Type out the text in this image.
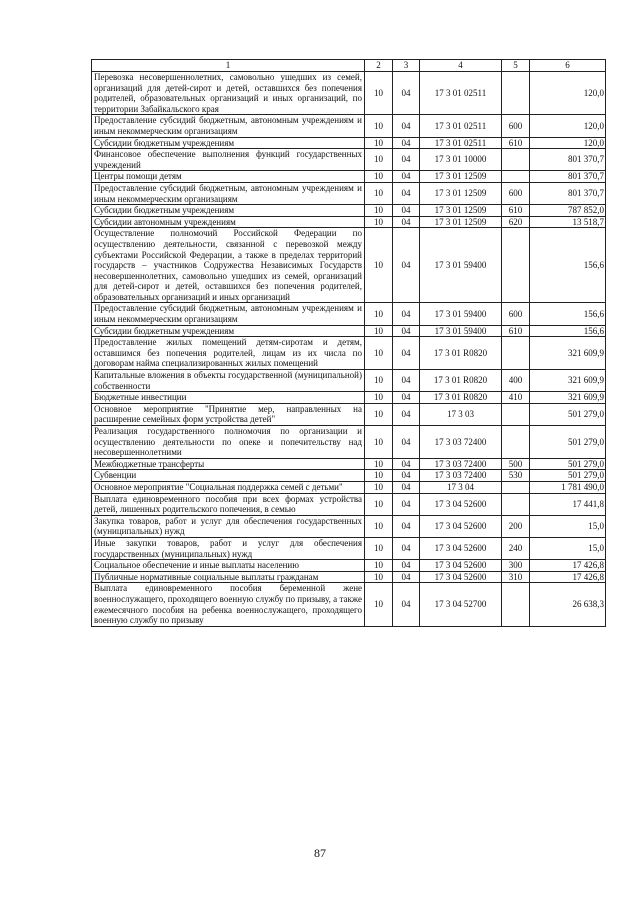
1	2	3	4	5	6
Перевозка несовершеннолетних, самовольно ушедших из семей, организаций для детей-сирот и детей, оставшихся без попечения родителей, образовательных организаций и иных организаций, по территории Забайкальского края	10	04	17 3 01 02511		120,0
Предоставление субсидий бюджетным, автономным учреждениям и иным некоммерческим организациям	10	04	17 3 01 02511	600	120,0
Субсидии бюджетным учреждениям	10	04	17 3 01 02511	610	120,0
Финансовое обеспечение выполнения функций государственных учреждений	10	04	17 3 01 10000		801 370,7
Центры помощи детям	10	04	17 3 01 12509		801 370,7
Предоставление субсидий бюджетным, автономным учреждениям и иным некоммерческим организациям	10	04	17 3 01 12509	600	801 370,7
Субсидии бюджетным учреждениям	10	04	17 3 01 12509	610	787 852,0
Субсидии автономным учреждениям	10	04	17 3 01 12509	620	13 518,7
Осуществление полномочий Российской Федерации по осуществлению деятельности, связанной с перевозкой между субъектами Российской Федерации, а также в пределах территорий государств – участников Содружества Независимых Государств несовершеннолетних, самовольно ушедших из семей, организаций для детей-сирот и детей, оставшихся без попечения родителей, образовательных организаций и иных организаций	10	04	17 3 01 59400		156,6
Предоставление субсидий бюджетным, автономным учреждениям и иным некоммерческим организациям	10	04	17 3 01 59400	600	156,6
Субсидии бюджетным учреждениям	10	04	17 3 01 59400	610	156,6
Предоставление жилых помещений детям-сиротам и детям, оставшимся без попечения родителей, лицам из их числа по договорам найма специализированных жилых помещений	10	04	17 3 01 R0820		321 609,9
Капитальные вложения в объекты государственной (муниципальной) собственности	10	04	17 3 01 R0820	400	321 609,9
Бюджетные инвестиции	10	04	17 3 01 R0820	410	321 609,9
Основное мероприятие "Принятие мер, направленных на расширение семейных форм устройства детей"	10	04	17 3 03		501 279,0
Реализация государственного полномочия по организации и осуществлению деятельности по опеке и попечительству над несовершеннолетними	10	04	17 3 03 72400		501 279,0
Межбюджетные трансферты	10	04	17 3 03 72400	500	501 279,0
Субвенции	10	04	17 3 03 72400	530	501 279,0
Основное мероприятие "Социальная поддержка семей с детьми"	10	04	17 3 04		1 781 490,0
Выплата единовременного пособия при всех формах устройства детей, лишенных родительского попечения, в семью	10	04	17 3 04 52600		17 441,8
Закупка товаров, работ и услуг для обеспечения государственных (муниципальных) нужд	10	04	17 3 04 52600	200	15,0
Иные закупки товаров, работ и услуг для обеспечения государственных (муниципальных) нужд	10	04	17 3 04 52600	240	15,0
Социальное обеспечение и иные выплаты населению	10	04	17 3 04 52600	300	17 426,8
Публичные нормативные социальные выплаты гражданам	10	04	17 3 04 52600	310	17 426,8
Выплата единовременного пособия беременной жене военнослужащего, проходящего военную службу по призыву, а также ежемесячного пособия на ребенка военнослужащего, проходящего военную службу по призыву	10	04	17 3 04 52700		26 638,3
87
